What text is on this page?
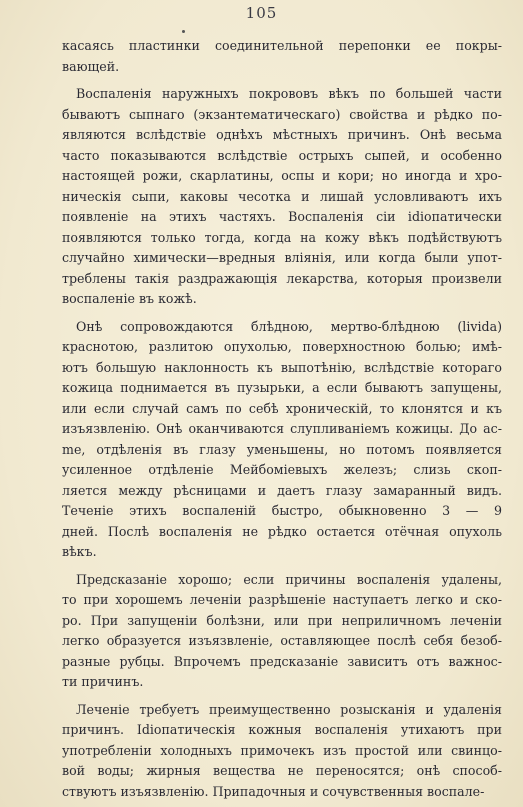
105
касаясь пластинки соединительной перепонки ее покры-
вающей.
Воспаленія наружныхъ покрововъ вѣкъ по большей части
бываютъ сыпнаго (экзантематическаго) свойства и рѣдко по-
являются вслѣдствіе однѣхъ мѣстныхъ причинъ. Онѣ весьма
часто показываются вслѣдствіе острыхъ сыпей, и особенно
настоящей рожи, скарлатины, оспы и кори; но иногда и хро-
ническія сыпи, каковы чесотка и лишай условливаютъ ихъ
появленіе на этихъ частяхъ. Воспаленія сіи idiопатически
появляются только тогда, когда на кожу вѣкъ подѣйствуютъ
случайно химически—вредныя вліянія, или когда были упот-
треблены такія раздражающія лекарства, которыя произвели
воспаленіе въ кожѣ.
Онѣ сопровождаются блѣдною, мертво-блѣдною (livida)
краснотою, разлитою опухолью, поверхностною болью; имѣ-
ютъ большую наклонность къ выпотѣнію, вслѣдствіе котораго
кожица поднимается въ пузырьки, а если бываютъ запущены,
или если случай самъ по себѣ хроническій, то клонятся и къ
изъязвленію. Онѣ оканчиваются слупливаніемъ кожицы. До ac-
me, отдѣленія въ глазу уменьшены, но потомъ появляется
усиленное отдѣленіе Мейбоміевыхъ железъ; слизь скоп-
ляется между рѣсницами и даетъ глазу замаранный видъ.
Теченіе этихъ воспаленій быстро, обыкновенно 3 — 9
дней. Послѣ воспаленія не рѣдко остается отёчная опухоль
вѣкъ.
Предсказаніе хорошо; если причины воспаленія удалены,
то при хорошемъ леченіи разрѣшеніе наступаетъ легко и ско-
ро. При запущеніи болѣзни, или при неприличномъ леченіи
легко образуется изъязвленіе, оставляющее послѣ себя безоб-
разные рубцы. Впрочемъ предсказаніе зависитъ отъ важнос-
ти причинъ.
Леченіе требуетъ преимущественно розысканія и удаленія
причинъ. Idiопатическія кожныя воспаленія утихаютъ при
употребленіи холодныхъ примочекъ изъ простой или свинцо-
вой воды; жирныя вещества не переносятся; онѣ способ-
ствуютъ изъязвленію. Припадочныя и сочувственныя воспале-
